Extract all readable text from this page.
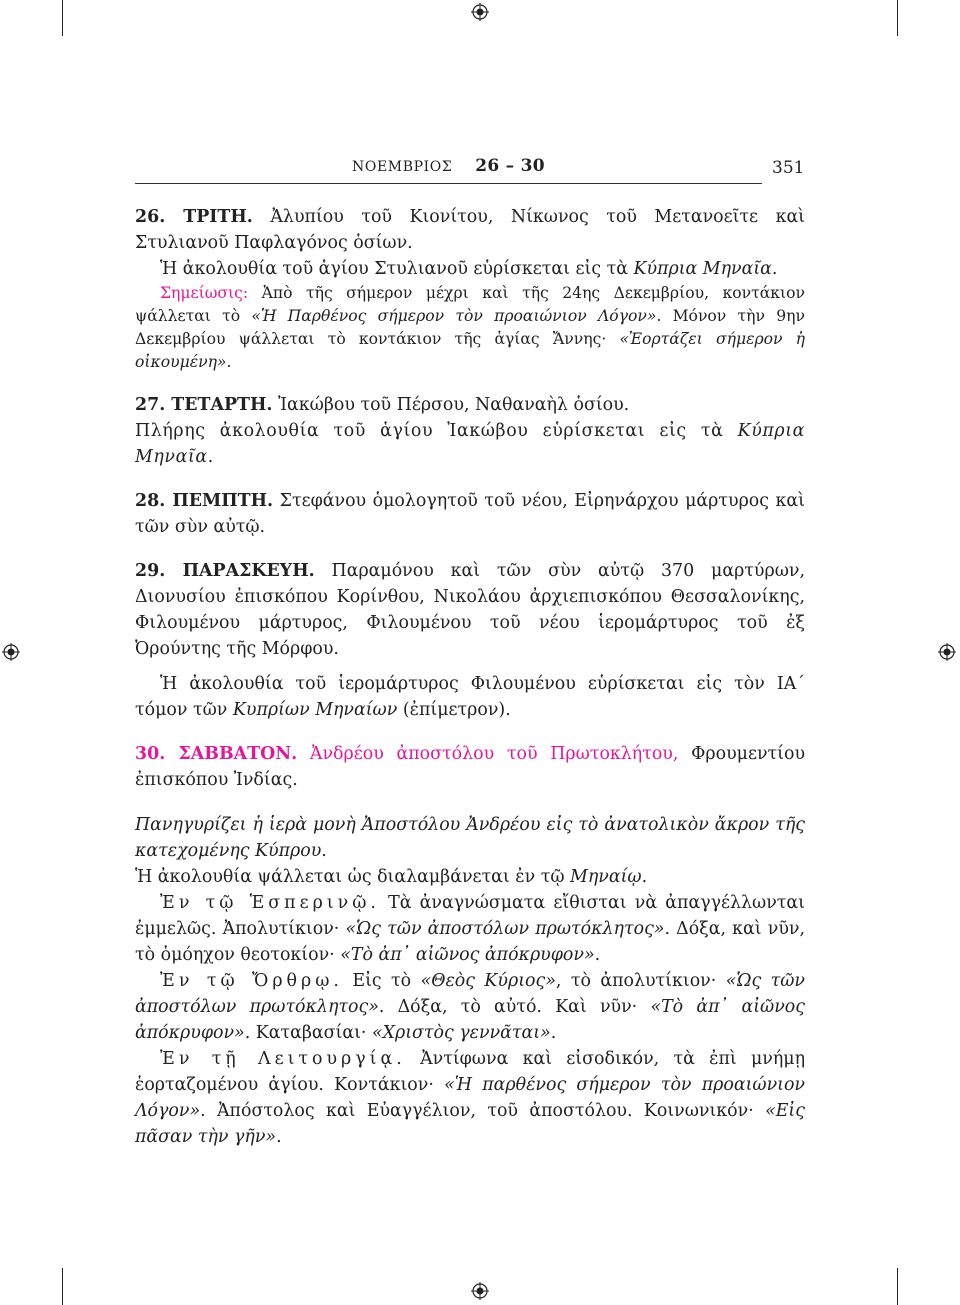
ΝΟΕΜΒΡΙΟΣ 26 – 30	351

26. ΤΡΙΤΗ. Ἀλυπίου τοῦ Κιονίτου, Νίκωνος τοῦ Μετανοεῖτε καὶ Στυλιανοῦ Παφλαγόνος ὁσίων.

Ἡ ἀκολουθία τοῦ ἁγίου Στυλιανοῦ εὑρίσκεται εἰς τὰ Κύπρια Μηναῖα.

Σημείωσις: Ἀπὸ τῆς σήμερον μέχρι καὶ τῆς 24ης Δεκεμβρίου, κοντάκιον ψάλλεται τὸ «Ἡ Παρθένος σήμερον τὸν προαιώνιον Λόγον». Μόνον τὴν 9ην Δεκεμβρίου ψάλλεται τὸ κοντάκιον τῆς ἁγίας Ἄννης· «Ἑορτάζει σήμερον ἡ οἰκουμένη».

27. ΤΕΤΑΡΤΗ. Ἰακώβου τοῦ Πέρσου, Ναθαναὴλ ὁσίου.

Πλήρης ἀκολουθία τοῦ ἁγίου Ἰακώβου εὑρίσκεται εἰς τὰ Κύπρια Μηναῖα.

28. ΠΕΜΠΤΗ. Στεφάνου ὁμολογητοῦ τοῦ νέου, Εἰρηνάρχου μάρτυρος καὶ τῶν σὺν αὐτῷ.

29. ΠΑΡΑΣΚΕΥΗ. Παραμόνου καὶ τῶν σὺν αὐτῷ 370 μαρτύρων, Διονυσίου ἐπισκόπου Κορίνθου, Νικολάου ἀρχιεπισκόπου Θεσσαλονίκης, Φιλουμένου μάρτυρος, Φιλουμένου τοῦ νέου ἱερομάρτυρος τοῦ ἐξ Ὀρούντης τῆς Μόρφου.

Ἡ ἀκολουθία τοῦ ἱερομάρτυρος Φιλουμένου εὑρίσκεται εἰς τὸν ΙΑ΄ τόμον τῶν Κυπρίων Μηναίων (ἐπίμετρον).

30. ΣΑΒΒΑΤΟΝ. Ἀνδρέου ἀποστόλου τοῦ Πρωτοκλήτου, Φρουμεντίου ἐπισκόπου Ἰνδίας.

Πανηγυρίζει ἡ ἱερὰ μονὴ Ἀποστόλου Ἀνδρέου εἰς τὸ ἀνατολικὸν ἄκρον τῆς κατεχομένης Κύπρου.

Ἡ ἀκολουθία ψάλλεται ὡς διαλαμβάνεται ἐν τῷ Μηναίῳ.

Ἐν τῷ Ἑσπερινῷ. Τὰ ἀναγνώσματα εἴθισται νὰ ἀπαγγέλλωνται ἐμμελῶς. Ἀπολυτίκιον· «Ὡς τῶν ἀποστόλων πρωτόκλητος». Δόξα, καὶ νῦν, τὸ ὁμόηχον θεοτοκίον· «Τὸ ἀπ᾽ αἰῶνος ἀπόκρυφον».

Ἐν τῷ Ὄρθρῳ. Εἰς τὸ «Θεὸς Κύριος», τὸ ἀπολυτίκιον· «Ὡς τῶν ἀποστόλων πρωτόκλητος». Δόξα, τὸ αὐτό. Καὶ νῦν· «Τὸ ἀπ᾽ αἰῶνος ἀπόκρυφον». Καταβασίαι· «Χριστὸς γεννᾶται».

Ἐν τῇ Λειτουργίᾳ. Ἀντίφωνα καὶ εἰσοδικόν, τὰ ἐπὶ μνήμῃ ἑορταζομένου ἁγίου. Κοντάκιον· «Ἡ παρθένος σήμερον τὸν προαιώνιον Λόγον». Ἀπόστολος καὶ Εὐαγγέλιον, τοῦ ἀποστόλου. Κοινωνικόν· «Εἰς πᾶσαν τὴν γῆν».
